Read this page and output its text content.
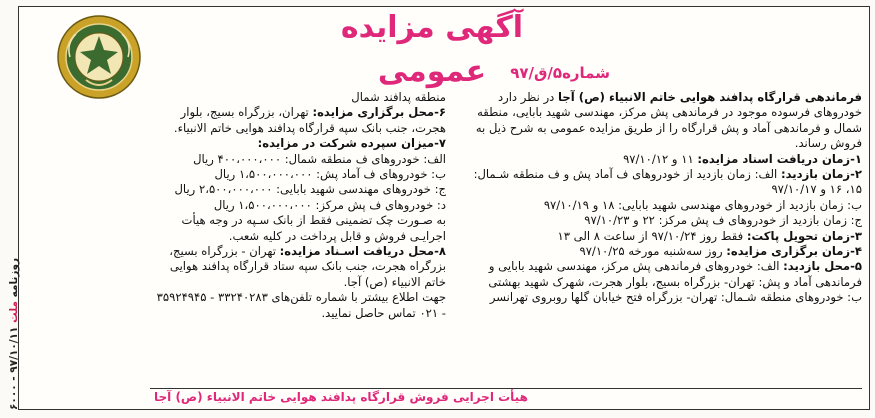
آگهی مزایده عمومی	شماره۵/ق/۹۷

فرماندهی قرارگاه پدافند هوایی خاتم الانبیاء (ص) آجا در نظر دارد خودروهای فرسوده موجود در فرماندهی پش مرکز، مهندسی شهید بابایی، منطقه شمال و فرماندهی آماد و پش قرارگاه را از طریق مزایده عمومی به شرح ذیل به فروش رساند.

۱-زمان دریافت اسناد مزایده: ۱۱ و ۹۷/۱۰/۱۲

۲-زمان بازدید: الف: زمان بازدید از خودروهای ف آماد پش و ف منطقه شـمال: ۱۵، ۱۶ و ۹۷/۱۰/۱۷

ب: زمان بازدید از خودروهای مهندسی شهید بابایی: ۱۸ و ۹۷/۱۰/۱۹

ج: زمان بازدید از خودروهای ف پش مرکز: ۲۲ و ۹۷/۱۰/۲۳

۳-زمان تحویل پاکت: فقط روز ۹۷/۱۰/۲۴ از ساعت ۸ الی ۱۳

۴-زمان برگزاری مزایده: روز سه‌شنبه مورخه ۹۷/۱۰/۲۵

۵-محل بازدید: الف: خودروهای فرماندهی پش مرکز، مهندسی شهید بابایی و فرماندهی آماد و پش: تهران- بزرگراه بسیج، بلوار هجرت، شهرک شهید بهشتی

ب: خودروهای منطقه شـمال: تهران- بزرگراه فتح خیابان گلها روبروی تهرانسر

منطقه پدافند شمال

۶-محل برگزاری مزایده: تهران، بزرگراه بسیج، بلوار هجرت، جنب بانک سپه قرارگاه پدافند هوایی خاتم الانبیاء.

۷-میزان سپرده شرکت در مزایده:

الف: خودروهای ف منطقه شمال: ۴۰۰،۰۰۰،۰۰۰ ریال

ب: خودروهای ف آماد پش: ۱،۵۰۰،۰۰۰،۰۰۰ ریال

ج: خودروهای مهندسی شهید بابایی: ۲،۵۰۰،۰۰۰،۰۰۰ ریال

د: خودروهای ف پش مرکز: ۱،۵۰۰،۰۰۰،۰۰۰ ریال

به صـورت چک تضمینی فقط از بانک سـپه در وجه هیأت اجرایـی فروش و قابل پرداخت در کلیه شعب.

۸-محل دریافت اسـناد مزایده: تهران - بزرگراه بسیج، بزرگراه هجرت، جنب بانک سپه ستاد قرارگاه پدافند هوایی خاتم الانبیاء (ص) آجا.

جهت اطلاع بیشتر با شماره تلفن‌های ۳۳۲۴۰۲۸۳ - ۳۵۹۲۴۹۴۵ - ۰۲۱ تماس حاصل نمایید.

هیأت اجرایی فروش قرارگاه پدافند هوایی خاتم الانبیاء (ص) آجا
روزنامه ملت ۹۷/۱۰/۱۱ - ۶۰۰۰
